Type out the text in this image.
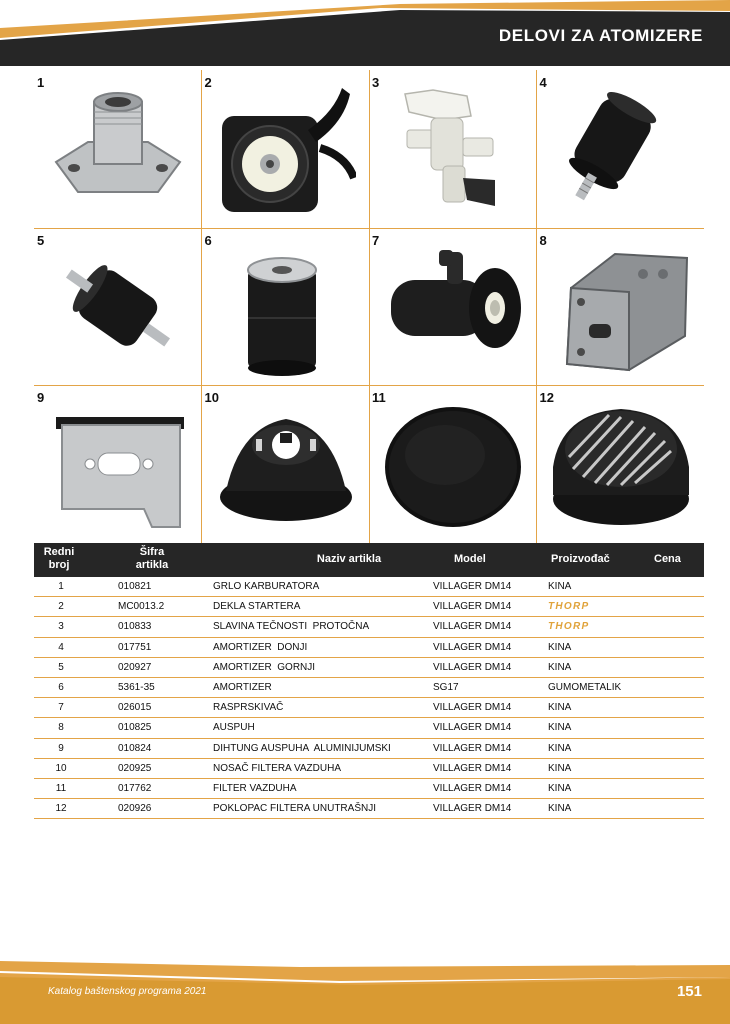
DELOVI ZA ATOMIZERE
1	2	3	4
5	6	7	8
9	10	11	12
Redni
broj
Šifra
artikla	Naziv artikla	Model	Proizvođač	Cena
1	010821	GRLO KARBURATORA	VILLAGER DM14	KINA
2	MC0013.2	DEKLA STARTERA	VILLAGER DM14	THORP
3	010833	SLAVINA TEČNOSTI  PROTOČNA	VILLAGER DM14	THORP
4	017751	AMORTIZER  DONJI	VILLAGER DM14	KINA
5	020927	AMORTIZER  GORNJI	VILLAGER DM14	KINA
6	5361-35	AMORTIZER	SG17	GUMOMETALIK
7	026015	RASPRSKIVAČ	VILLAGER DM14	KINA
8	010825	AUSPUH	VILLAGER DM14	KINA
9	010824	DIHTUNG AUSPUHA  ALUMINIJUMSKI	VILLAGER DM14	KINA
10	020925	NOSAČ FILTERA VAZDUHA	VILLAGER DM14	KINA
11	017762	FILTER VAZDUHA	VILLAGER DM14	KINA
12	020926	POKLOPAC FILTERA UNUTRAŠNJI	VILLAGER DM14	KINA
Katalog baštenskog programa 2021	151
